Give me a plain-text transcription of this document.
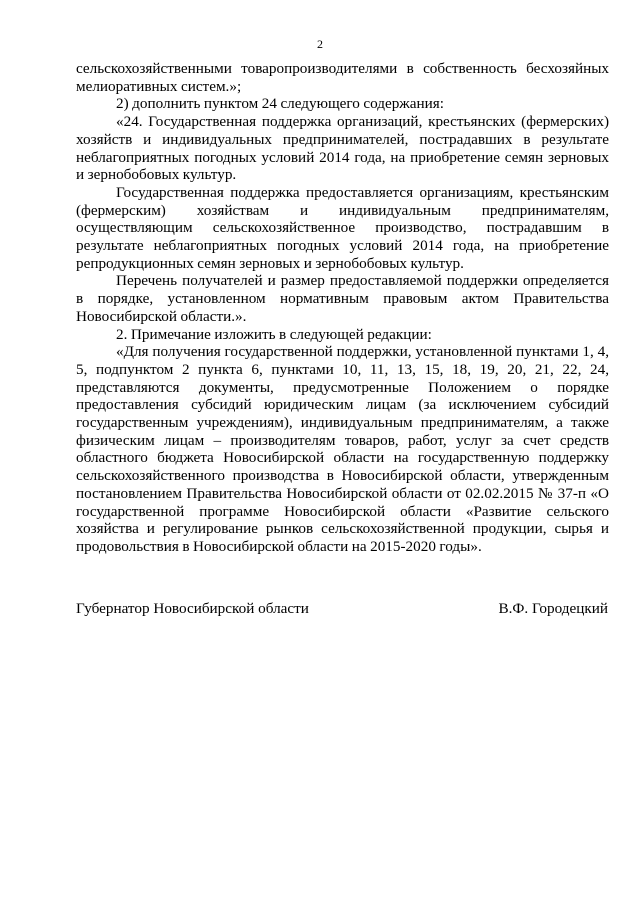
2

сельскохозяйственными товаропроизводителями в собственность бесхозяйных мелиоративных систем.»;

2) дополнить пунктом 24 следующего содержания:

«24. Государственная поддержка организаций, крестьянских (фермерских) хозяйств и индивидуальных предпринимателей, пострадавших в результате неблагоприятных погодных условий 2014 года, на приобретение семян зерновых и зернобобовых культур.

Государственная поддержка предоставляется организациям, крестьянским (фермерским) хозяйствам и индивидуальным предпринимателям, осуществляющим сельскохозяйственное производство, пострадавшим в результате неблагоприятных погодных условий 2014 года, на приобретение репродукционных семян зерновых и зернобобовых культур.

Перечень получателей и размер предоставляемой поддержки определяется в порядке, установленном нормативным правовым актом Правительства Новосибирской области.».

2. Примечание изложить в следующей редакции:

«Для получения государственной поддержки, установленной пунктами 1, 4, 5, подпунктом 2 пункта 6, пунктами 10, 11, 13, 15, 18, 19, 20, 21, 22, 24, представляются документы, предусмотренные Положением о порядке предоставления субсидий юридическим лицам (за исключением субсидий государственным учреждениям), индивидуальным предпринимателям, а также физическим лицам – производителям товаров, работ, услуг за счет средств областного бюджета Новосибирской области на государственную поддержку сельскохозяйственного производства в Новосибирской области, утвержденным постановлением Правительства Новосибирской области от 02.02.2015 № 37-п «О государственной программе Новосибирской области «Развитие сельского хозяйства и регулирование рынков сельскохозяйственной продукции, сырья и продовольствия в Новосибирской области на 2015-2020 годы».

Губернатор Новосибирской области	В.Ф. Городецкий
